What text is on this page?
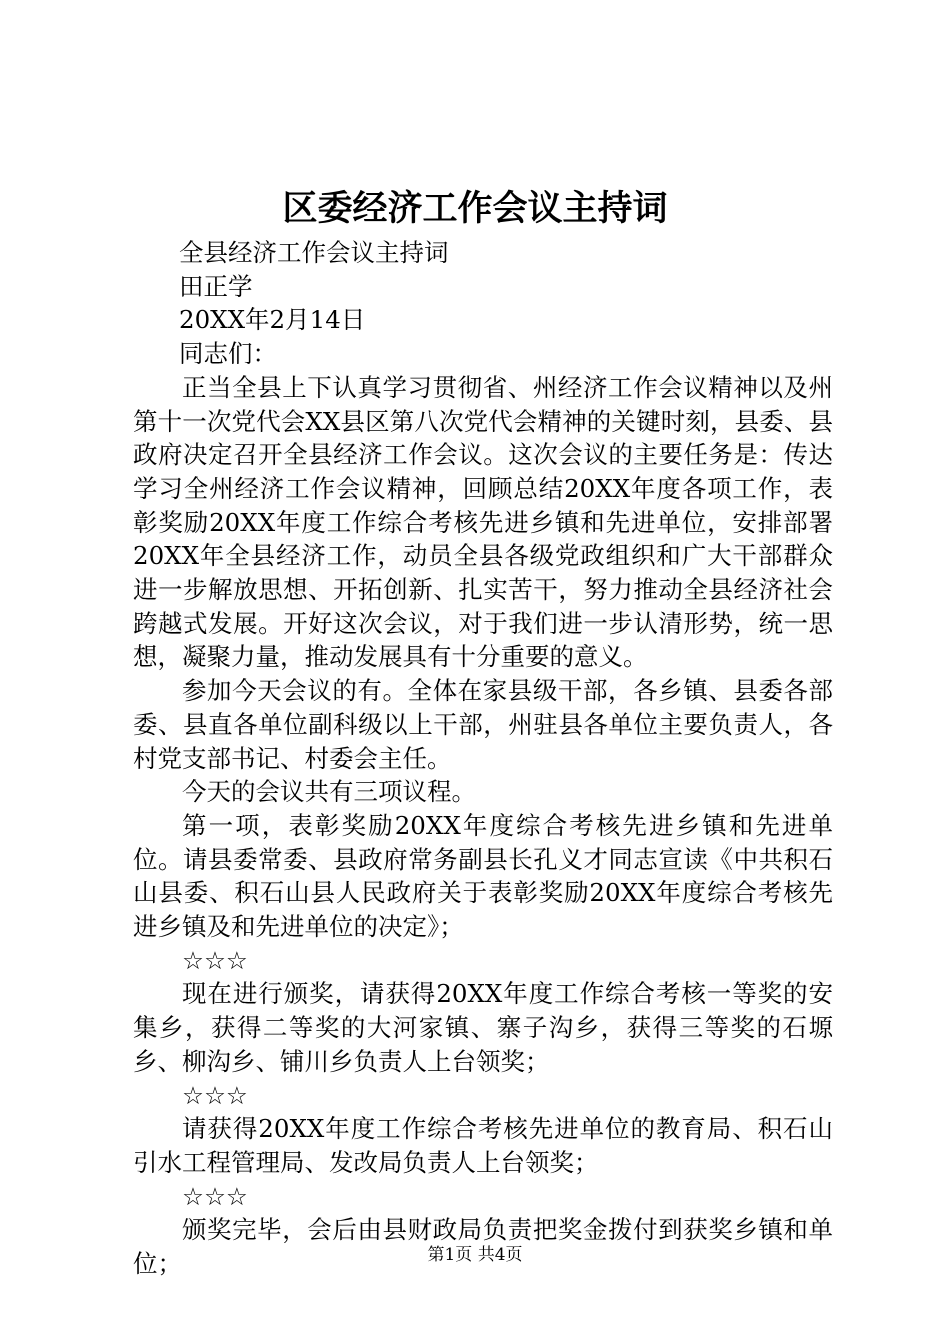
区委经济工作会议主持词

全县经济工作会议主持词

田正学

20XX年2月14日

同志们：

正当全县上下认真学习贯彻省、州经济工作会议精神以及州第十一次党代会XX县区第八次党代会精神的关键时刻，县委、县政府决定召开全县经济工作会议。这次会议的主要任务是：传达学习全州经济工作会议精神，回顾总结20XX年度各项工作，表彰奖励20XX年度工作综合考核先进乡镇和先进单位，安排部署20XX年全县经济工作，动员全县各级党政组织和广大干部群众进一步解放思想、开拓创新、扎实苦干，努力推动全县经济社会跨越式发展。开好这次会议，对于我们进一步认清形势，统一思想，凝聚力量，推动发展具有十分重要的意义。

参加今天会议的有。全体在家县级干部，各乡镇、县委各部委、县直各单位副科级以上干部，州驻县各单位主要负责人，各村党支部书记、村委会主任。

今天的会议共有三项议程。

第一项，表彰奖励20XX年度综合考核先进乡镇和先进单位。请县委常委、县政府常务副县长孔义才同志宣读《中共积石山县委、积石山县人民政府关于表彰奖励20XX年度综合考核先进乡镇及和先进单位的决定》；

☆☆☆

现在进行颁奖，请获得20XX年度工作综合考核一等奖的安集乡，获得二等奖的大河家镇、寨子沟乡，获得三等奖的石塬乡、柳沟乡、铺川乡负责人上台领奖；

☆☆☆

请获得20XX年度工作综合考核先进单位的教育局、积石山引水工程管理局、发改局负责人上台领奖；

☆☆☆

颁奖完毕，会后由县财政局负责把奖金拨付到获奖乡镇和单位；	第1页 共4页
